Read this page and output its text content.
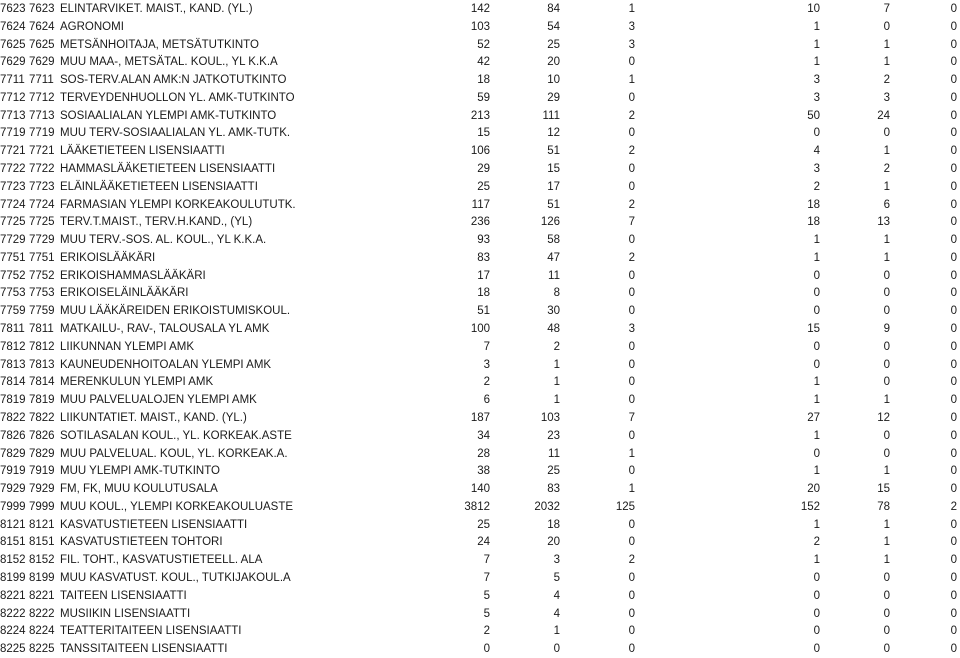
7623 7623 ELINTARVIKET. MAIST., KAND. (YL.)	142	84	1	10	7	0
7624 7624 AGRONOMI	103	54	3	1	0	0
7625 7625 METSÄNHOITAJA, METSÄTUTKINTO	52	25	3	1	1	0
7629 7629 MUU MAA-, METSÄTAL. KOUL., YL K.K.A	42	20	0	1	1	0
7711 7711 SOS-TERV.ALAN AMK:N JATKOTUTKINTO	18	10	1	3	2	0
7712 7712 TERVEYDENHUOLLON YL. AMK-TUTKINTO	59	29	0	3	3	0
7713 7713 SOSIAALIALAN YLEMPI AMK-TUTKINTO	213	111	2	50	24	0
7719 7719 MUU TERV-SOSIAALIALAN YL. AMK-TUTK.	15	12	0	0	0	0
7721 7721 LÄÄKETIETEEN LISENSIAATTI	106	51	2	4	1	0
7722 7722 HAMMASLÄÄKETIETEEN LISENSIAATTI	29	15	0	3	2	0
7723 7723 ELÄINLÄÄKETIETEEN LISENSIAATTI	25	17	0	2	1	0
7724 7724 FARMASIAN YLEMPI KORKEAKOULUTUTK.	117	51	2	18	6	0
7725 7725 TERV.T.MAIST., TERV.H.KAND., (YL)	236	126	7	18	13	0
7729 7729 MUU TERV.-SOS. AL. KOUL., YL K.K.A.	93	58	0	1	1	0
7751 7751 ERIKOISLÄÄKÄRI	83	47	2	1	1	0
7752 7752 ERIKOISHAMMASLÄÄKÄRI	17	11	0	0	0	0
7753 7753 ERIKOISELÄINLÄÄKÄRI	18	8	0	0	0	0
7759 7759 MUU LÄÄKÄREIDEN ERIKOISTUMISKOUL.	51	30	0	0	0	0
7811 7811 MATKAILU-, RAV-, TALOUSALA YL AMK	100	48	3	15	9	0
7812 7812 LIIKUNNAN YLEMPI AMK	7	2	0	0	0	0
7813 7813 KAUNEUDENHOITOALAN YLEMPI AMK	3	1	0	0	0	0
7814 7814 MERENKULUN YLEMPI AMK	2	1	0	1	0	0
7819 7819 MUU PALVELUALOJEN YLEMPI AMK	6	1	0	1	1	0
7822 7822 LIIKUNTATIET. MAIST., KAND. (YL.)	187	103	7	27	12	0
7826 7826 SOTILASALAN KOUL., YL. KORKEAK.ASTE	34	23	0	1	0	0
7829 7829 MUU PALVELUAL. KOUL, YL. KORKEAK.A.	28	11	1	0	0	0
7919 7919 MUU YLEMPI AMK-TUTKINTO	38	25	0	1	1	0
7929 7929 FM, FK, MUU KOULUTUSALA	140	83	1	20	15	0
7999 7999 MUU KOUL., YLEMPI KORKEAKOULUASTE	3812	2032	125	152	78	2
8121 8121 KASVATUSTIETEEN LISENSIAATTI	25	18	0	1	1	0
8151 8151 KASVATUSTIETEEN TOHTORI	24	20	0	2	1	0
8152 8152 FIL. TOHT., KASVATUSTIETEELL. ALA	7	3	2	1	1	0
8199 8199 MUU KASVATUST. KOUL., TUTKIJAKOUL.A	7	5	0	0	0	0
8221 8221 TAITEEN LISENSIAATTI	5	4	0	0	0	0
8222 8222 MUSIIKIN LISENSIAATTI	5	4	0	0	0	0
8224 8224 TEATTERITAITEEN LISENSIAATTI	2	1	0	0	0	0
8225 8225 TANSSITAITEEN LISENSIAATTI	0	0	0	0	0	0
